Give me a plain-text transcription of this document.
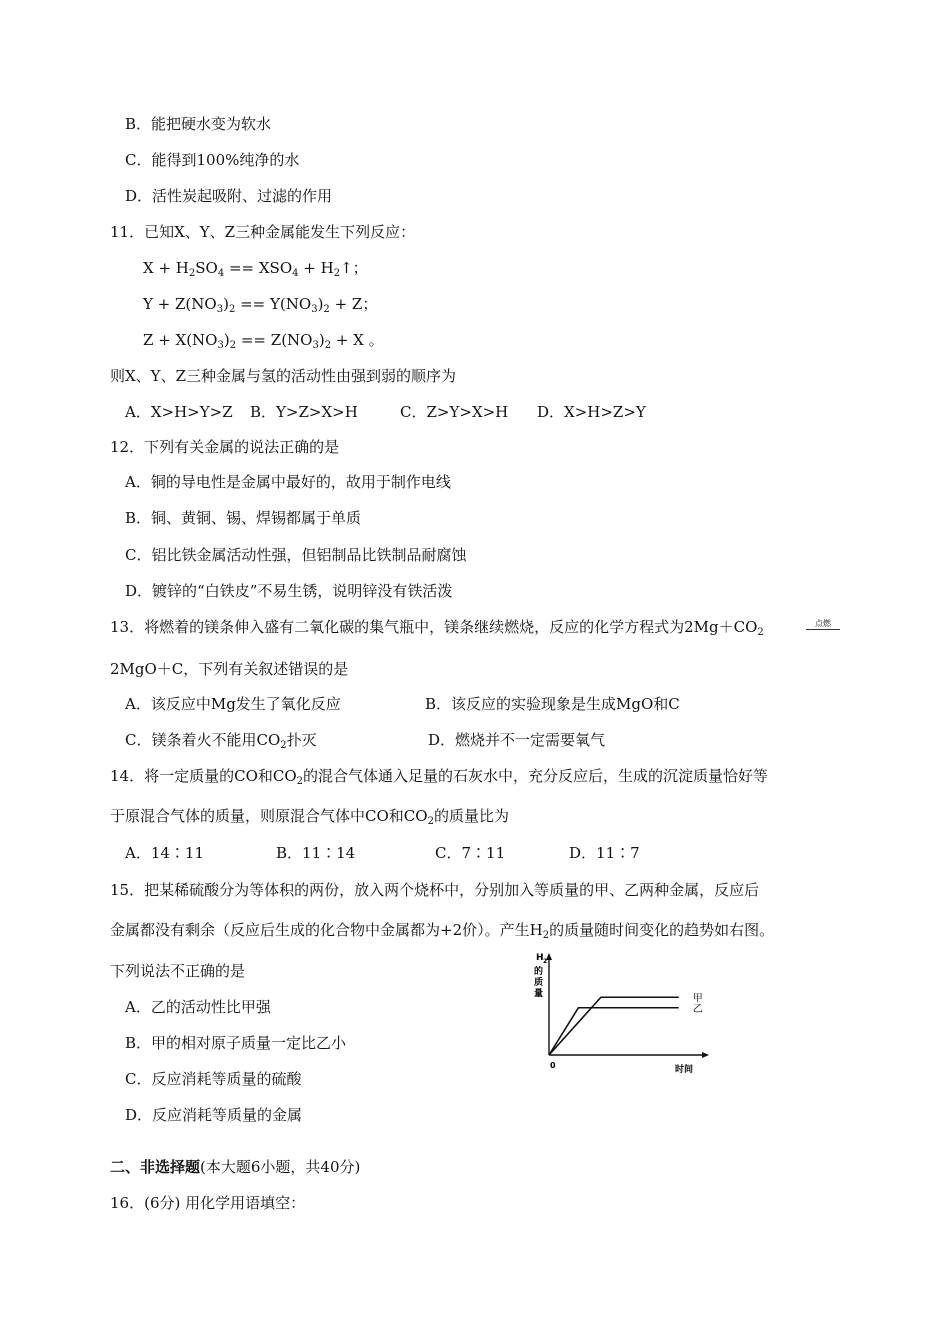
B．能把硬水变为软水
C．能得到100%纯净的水
D．活性炭起吸附、过滤的作用
11．已知X、Y、Z三种金属能发生下列反应：
$X + H_2SO_4 == XSO_4$ + $H_2↑$；
$Y + Z(NO_3)_2 == Y(NO_3)_2 + Z$；
$Z + X(NO_3)_2 == Z(NO_3)_2 + X$ 。
则X、Y、Z三种金属与氢的活动性由强到弱的顺序为
A．X>H>Y>Z B．Y>Z>X>H	C．Z>Y>X>H D．X>H>Z>Y
12．下列有关金属的说法正确的是
A．铜的导电性是金属中最好的，故用于制作电线
B．铜、黄铜、锡、焊锡都属于单质
C．铝比铁金属活动性强，但铝制品比铁制品耐腐蚀
D．镀锌的“白铁皮”不易生锈，说明锌没有铁活泼
13．将燃着的镁条伸入盛有二氧化碳的集气瓶中，镁条继续燃烧，反应的化学方程式为$2Mg+CO_2$
点燃
2MgO＋C，下列有关叙述错误的是
A．该反应中Mg发生了氧化反应	B．该反应的实验现象是生成MgO和C
C．镁条着火不能用$CO_2$扑灭	D．燃烧并不一定需要氧气
14．将一定质量的CO和$CO_2$的混合气体通入足量的石灰水中，充分反应后，生成的沉淀质量恰好等
于原混合气体的质量，则原混合气体中CO和$CO_2$的质量比为
A．14∶11	B．11∶14	C．7∶11	D．11∶7
15．把某稀硫酸分为等体积的两份，放入两个烧杯中，分别加入等质量的甲、乙两种金属，反应后
金属都没有剩余（反应后生成的化合物中金属都为+2价）。产生$H_2$的质量随时间变化的趋势如右图。
下列说法不正确的是
A．乙的活动性比甲强
B．甲的相对原子质量一定比乙小
C．反应消耗等质量的硫酸
D．反应消耗等质量的金属
H 2
的
质
量
0	时间
甲
乙
二、非选择题(本大题6小题，共40分)
16．(6分) 用化学用语填空：
